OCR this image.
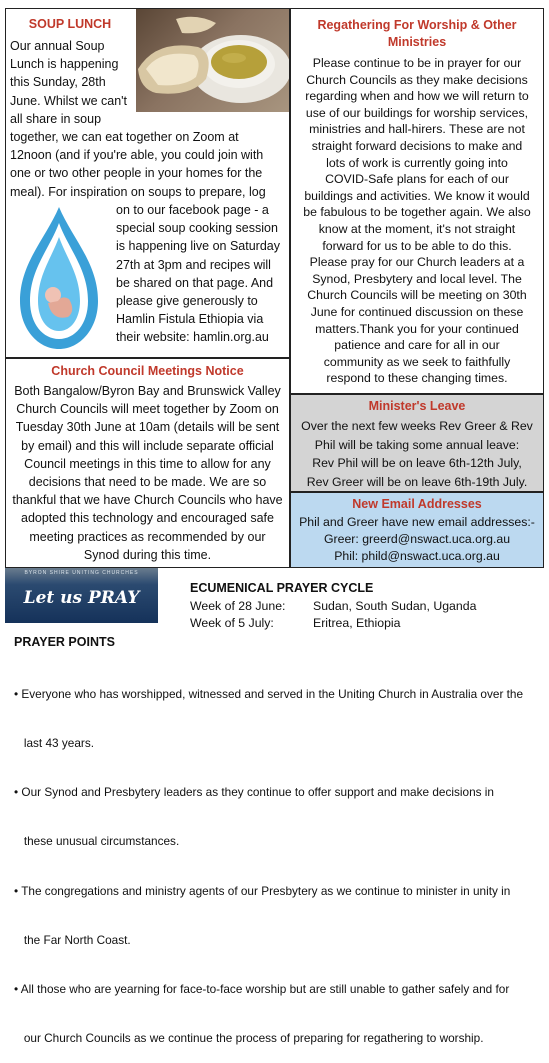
SOUP LUNCH
Our annual Soup
Lunch is happening
this Sunday, 28th
June. Whilst we can't
all share in soup
together, we can eat together on Zoom at
12noon (and if you're able, you could join with
one or two other people in your homes for the
meal). For inspiration on soups to prepare, log
on to our facebook page - a
special soup cooking session
is happening live on Saturday
27th at 3pm and recipes will
be shared on that page. And
please give generously to
Hamlin Fistula Ethiopia via
their website: hamlin.org.au
Church Council Meetings Notice
Both Bangalow/Byron Bay and Brunswick Valley
Church Councils will meet together by Zoom on
Tuesday 30th June at 10am (details will be sent
by email) and this will include separate official
Council meetings in this time to allow for any
decisions that need to be made. We are so
thankful that we have Church Councils who have
adopted this technology and encouraged safe
meeting practices as recommended by our
Synod during this time.
Regathering For Worship & Other
Ministries
Please continue to be in prayer for our
Church Councils as they make decisions
regarding when and how we will return to
use of our buildings for worship services,
ministries and hall-hirers. These are not
straight forward decisions to make and
lots of work is currently going into
COVID-Safe plans for each of our
buildings and activities. We know it would
be fabulous to be together again. We also
know at the moment, it's not straight
forward for us to be able to do this.
Please pray for our Church leaders at a
Synod, Presbytery and local level. The
Church Councils will be meeting on 30th
June for continued discussion on these
matters.Thank you for your continued
patience and care for all in our
community as we seek to faithfully
respond to these changing times.
Minister's Leave
Over the next few weeks Rev Greer & Rev
Phil will be taking some annual leave:
Rev Phil will be on leave 6th-12th July,
Rev Greer will be on leave 6th-19th July.
New Email Addresses
Phil and Greer have new email addresses:-
Greer: greerd@nswact.uca.org.au
Phil: phild@nswact.uca.org.au
BYRON SHIRE UNITING CHURCHES
Let us PRAY	ECUMENICAL PRAYER CYCLE
Week of 28 June: Sudan, South Sudan, Uganda
Week of 5 July:	Eritrea, Ethiopia
PRAYER POINTS

• Everyone who has worshipped, witnessed and served in the Uniting Church in Australia over the

last 43 years.

• Our Synod and Presbytery leaders as they continue to offer support and make decisions in

these unusual circumstances.

• The congregations and ministry agents of our Presbytery as we continue to minister in unity in

the Far North Coast.

• All those who are yearning for face-to-face worship but are still unable to gather safely and for

our Church Councils as we continue the process of preparing for regathering to worship.
